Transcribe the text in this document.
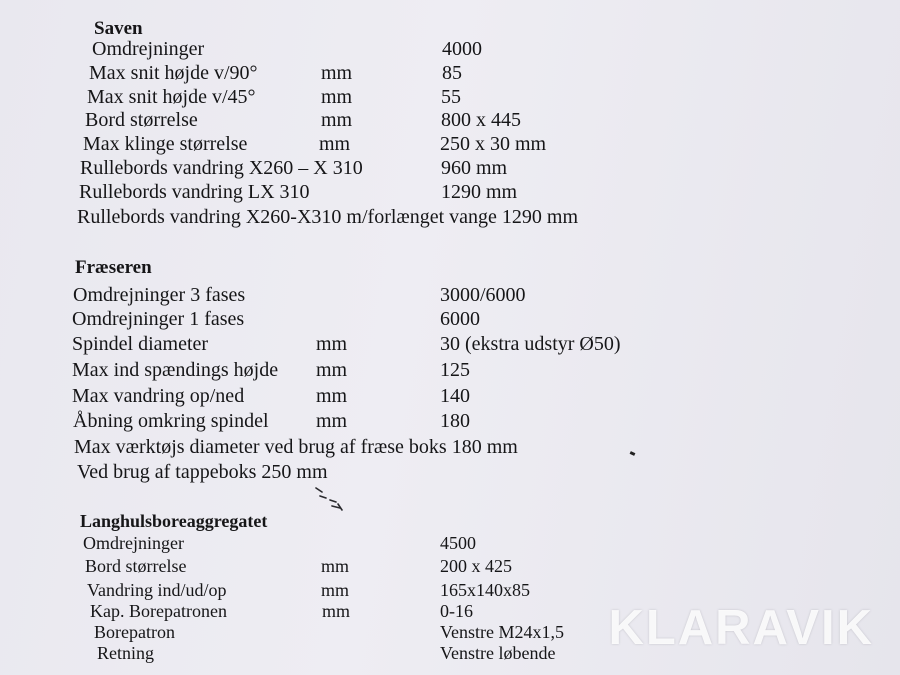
Saven
Omdrejninger	4000
Max snit højde v/90°	mm	85
Max snit højde v/45°	mm	55
Bord størrelse	mm	800 x 445
Max klinge størrelse	mm	250 x 30 mm
Rullebords vandring X260 – X 310	960 mm
Rullebords vandring LX 310	1290 mm
Rullebords vandring X260-X310 m/forlænget vange 1290 mm
Fræseren
Omdrejninger 3 fases	3000/6000
Omdrejninger 1 fases	6000
Spindel diameter	mm	30 (ekstra udstyr Ø50)
Max ind spændings højde mm	125
Max vandring op/ned	mm	140
Åbning omkring spindel mm	180
Max værktøjs diameter ved brug af fræse boks 180 mm
Ved brug af tappeboks 250 mm
Langhulsboreaggregatet
Omdrejninger	4500
Bord størrelse	mm	200 x 425
Vandring ind/ud/op	mm	165x140x85
Kap. Borepatronen	mm	0-16
Borepatron	Venstre M24x1,5
Retning	Venstre løbende KLARAVIK
